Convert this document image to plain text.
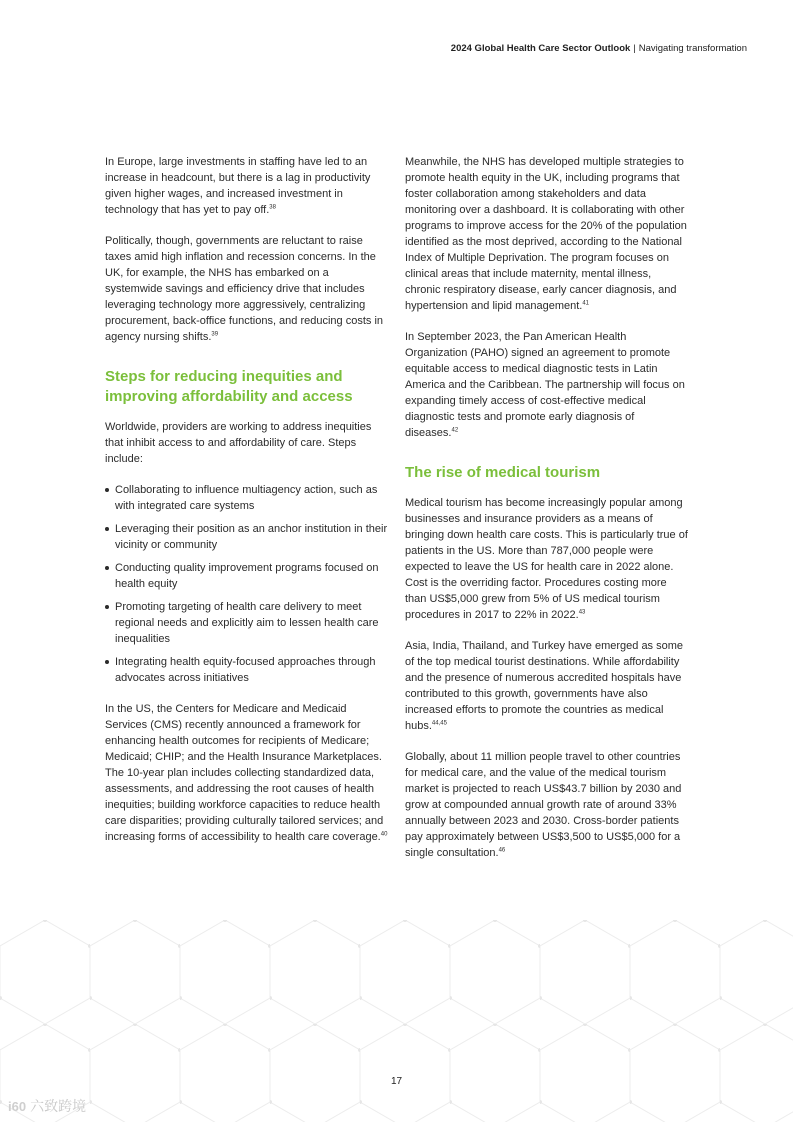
2024 Global Health Care Sector Outlook | Navigating transformation

In Europe, large investments in staffing have led to an increase in headcount, but there is a lag in productivity given higher wages, and increased investment in technology that has yet to pay off.$^{38}$

Politically, though, governments are reluctant to raise taxes amid high inflation and recession concerns. In the UK, for example, the NHS has embarked on a systemwide savings and efficiency drive that includes leveraging technology more aggressively, centralizing procurement, back-office functions, and reducing costs in agency nursing shifts.$^{39}$

Steps for reducing inequities and improving affordability and access

Worldwide, providers are working to address inequities that inhibit access to and affordability of care. Steps include:

Collaborating to influence multiagency action, such as with integrated care systems
Leveraging their position as an anchor institution in their vicinity or community
Conducting quality improvement programs focused on health equity
Promoting targeting of health care delivery to meet regional needs and explicitly aim to lessen health care inequalities
Integrating health equity-focused approaches through advocates across initiatives

In the US, the Centers for Medicare and Medicaid Services (CMS) recently announced a framework for enhancing health outcomes for recipients of Medicare; Medicaid; CHIP; and the Health Insurance Marketplaces. The 10-year plan includes collecting standardized data, assessments, and addressing the root causes of health inequities; building workforce capacities to reduce health care disparities; providing culturally tailored services; and increasing forms of accessibility to health care coverage.$^{40}$

Meanwhile, the NHS has developed multiple strategies to promote health equity in the UK, including programs that foster collaboration among stakeholders and data monitoring over a dashboard. It is collaborating with other programs to improve access for the 20% of the population identified as the most deprived, according to the National Index of Multiple Deprivation. The program focuses on clinical areas that include maternity, mental illness, chronic respiratory disease, early cancer diagnosis, and hypertension and lipid management.$^{41}$

In September 2023, the Pan American Health Organization (PAHO) signed an agreement to promote equitable access to medical diagnostic tests in Latin America and the Caribbean. The partnership will focus on expanding timely access of cost-effective medical diagnostic tests and promote early diagnosis of diseases.$^{42}$

The rise of medical tourism

Medical tourism has become increasingly popular among businesses and insurance providers as a means of bringing down health care costs. This is particularly true of patients in the US. More than 787,000 people were expected to leave the US for health care in 2022 alone. Cost is the overriding factor. Procedures costing more than US$5,000 grew from 5% of US medical tourism procedures in 2017 to 22% in 2022.43

Asia, India, Thailand, and Turkey have emerged as some of the top medical tourist destinations. While affordability and the presence of numerous accredited hospitals have contributed to this growth, governments have also increased efforts to promote the countries as medical hubs.$^{44,45}$

Globally, about 11 million people travel to other countries for medical care, and the value of the medical tourism market is projected to reach US$43.7 billion by 2030 and grow at compounded annual growth rate of around 33% annually between 2023 and 2030. Cross-border patients pay approximately between US$3,500 to US$5,000 for a single consultation.$^{46}$

17
i60 六致跨境
